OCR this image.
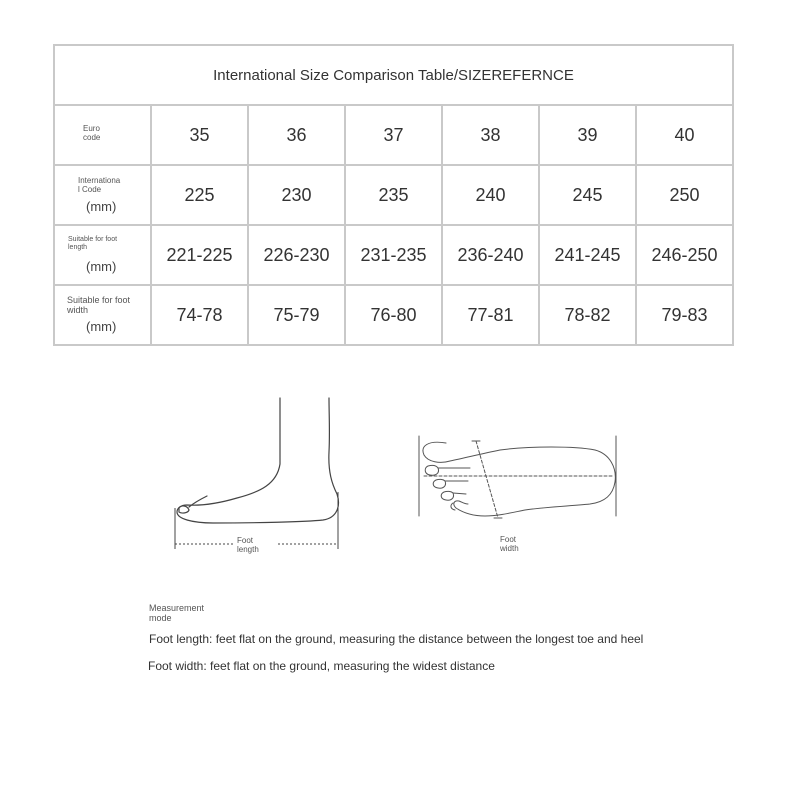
International Size Comparison Table/SIZEREFERNCE						

Euro
code	35	36	37	38	39	40

Internationa
l Code
(mm)	225	230	235	240	245	250

Suitable for foot
length
(mm)	221-225	226-230	231-235	236-240	241-245	246-250

Suitable for foot
width
(mm)	74-78	75-79	76-80	77-81	78-82	79-83
Foot
length
Foot
width
Measurement
mode
Foot length: feet flat on the ground, measuring the distance between the longest toe and heel
Foot width: feet flat on the ground, measuring the widest distance
